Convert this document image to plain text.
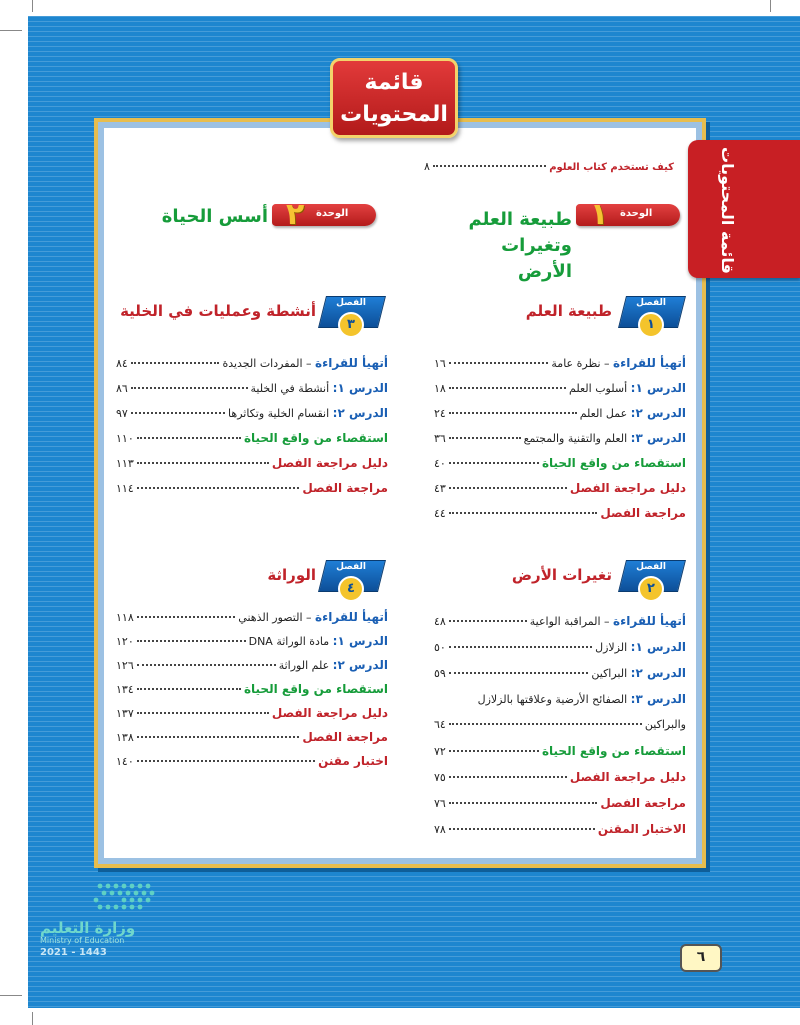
قائمة المحتويات
قائمة
المحتويات
كيف تستخدم كتاب العلوم
٨
الوحدة
١
طبيعة العلم وتغيرات
الأرض
الوحدة
٢
أسس الحياة
الفصل
١
طبيعة العلم
الفصل
٣
أنشطة وعمليات في الخلية
الفصل
٢
تغيرات الأرض
الفصل
٤
الوراثة
أتهيأ للقراءة – نظرة عامة
١٦
الدرس ١: أسلوب العلم
١٨
الدرس ٢: عمل العلم
٢٤
الدرس ٣: العلم والتقنية والمجتمع
٣٦
استقصاء من واقع الحياة
٤٠
دليل مراجعة الفصل
٤٣
مراجعة الفصل
٤٤
أتهيأ للقراءة – المراقبة الواعية
٤٨
الدرس ١: الزلازل
٥٠
الدرس ٢: البراكين
٥٩
الدرس ٣: الصفائح الأرضية وعلاقتها بالزلازل
والبراكين
٦٤
استقصاء من واقع الحياة
٧٢
دليل مراجعة الفصل
٧٥
مراجعة الفصل
٧٦
الاختبار المقنن
٧٨
أتهيأ للقراءة – المفردات الجديدة
٨٤
الدرس ١: أنشطة في الخلية
٨٦
الدرس ٢: انقسام الخلية وتكاثرها
٩٧
استقصاء من واقع الحياة
١١٠
دليل مراجعة الفصل
١١٣
مراجعة الفصل
١١٤
أتهيأ للقراءة – التصور الذهني
١١٨
الدرس ١: مادة الوراثة DNA
١٢٠
الدرس ٢: علم الوراثة
١٢٦
استقصاء من واقع الحياة
١٣٤
دليل مراجعة الفصل
١٣٧
مراجعة الفصل
١٣٨
اختبار مقنن
١٤٠
وزارة التعليم
Ministry of Education
2021 - 1443	٦
